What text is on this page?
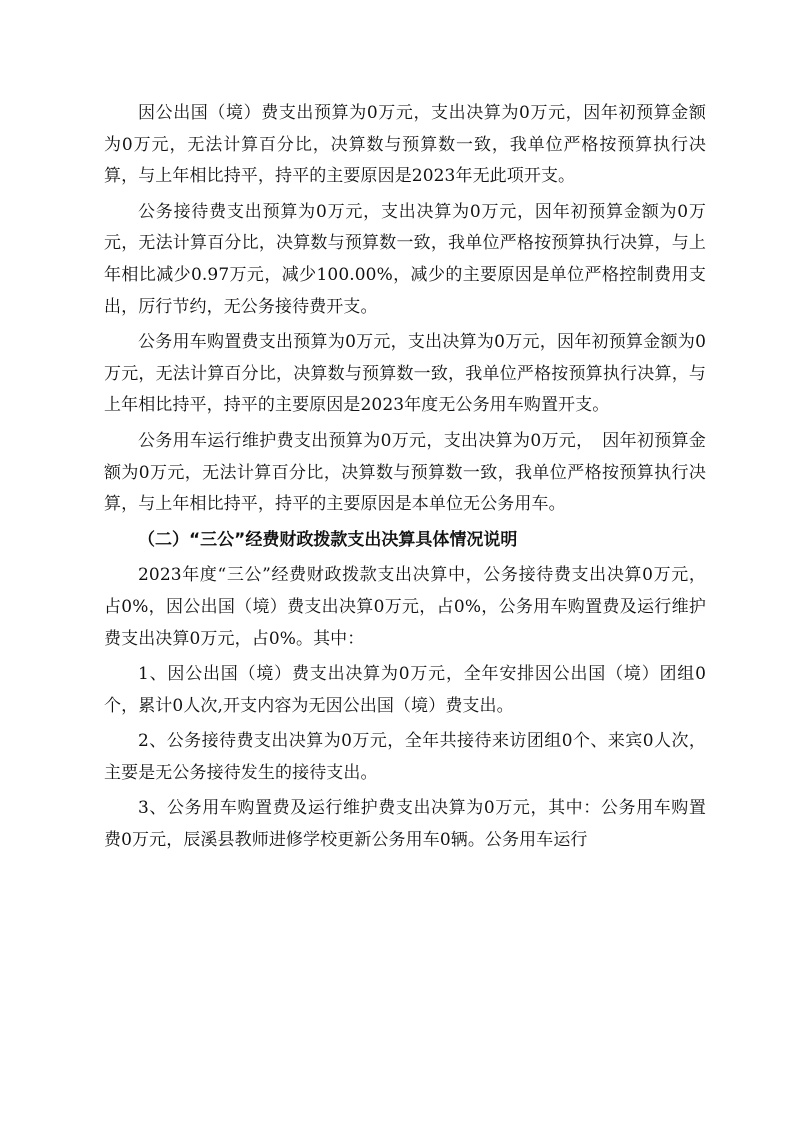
因公出国（境）费支出预算为0万元，支出决算为0万元，因年初预算金额为0万元，无法计算百分比，决算数与预算数一致，我单位严格按预算执行决算，与上年相比持平，持平的主要原因是2023年无此项开支。

公务接待费支出预算为0万元，支出决算为0万元，因年初预算金额为0万元，无法计算百分比，决算数与预算数一致，我单位严格按预算执行决算，与上年相比减少0.97万元，减少100.00%，减少的主要原因是单位严格控制费用支出，厉行节约，无公务接待费开支。

公务用车购置费支出预算为0万元，支出决算为0万元，因年初预算金额为0万元，无法计算百分比，决算数与预算数一致，我单位严格按预算执行决算，与上年相比持平，持平的主要原因是2023年度无公务用车购置开支。

公务用车运行维护费支出预算为0万元，支出决算为0万元，　因年初预算金额为0万元，无法计算百分比，决算数与预算数一致，我单位严格按预算执行决算，与上年相比持平，持平的主要原因是本单位无公务用车。

（二）“三公”经费财政拨款支出决算具体情况说明

2023年度“三公”经费财政拨款支出决算中，公务接待费支出决算0万元，占0%，因公出国（境）费支出决算0万元，占0%，公务用车购置费及运行维护费支出决算0万元，占0%。其中：

1、因公出国（境）费支出决算为0万元，全年安排因公出国（境）团组0个，累计0人次,开支内容为无因公出国（境）费支出。

2、公务接待费支出决算为0万元，全年共接待来访团组0个、来宾0人次，主要是无公务接待发生的接待支出。

3、公务用车购置费及运行维护费支出决算为0万元，其中：公务用车购置费0万元，辰溪县教师进修学校更新公务用车0辆。公务用车运行
